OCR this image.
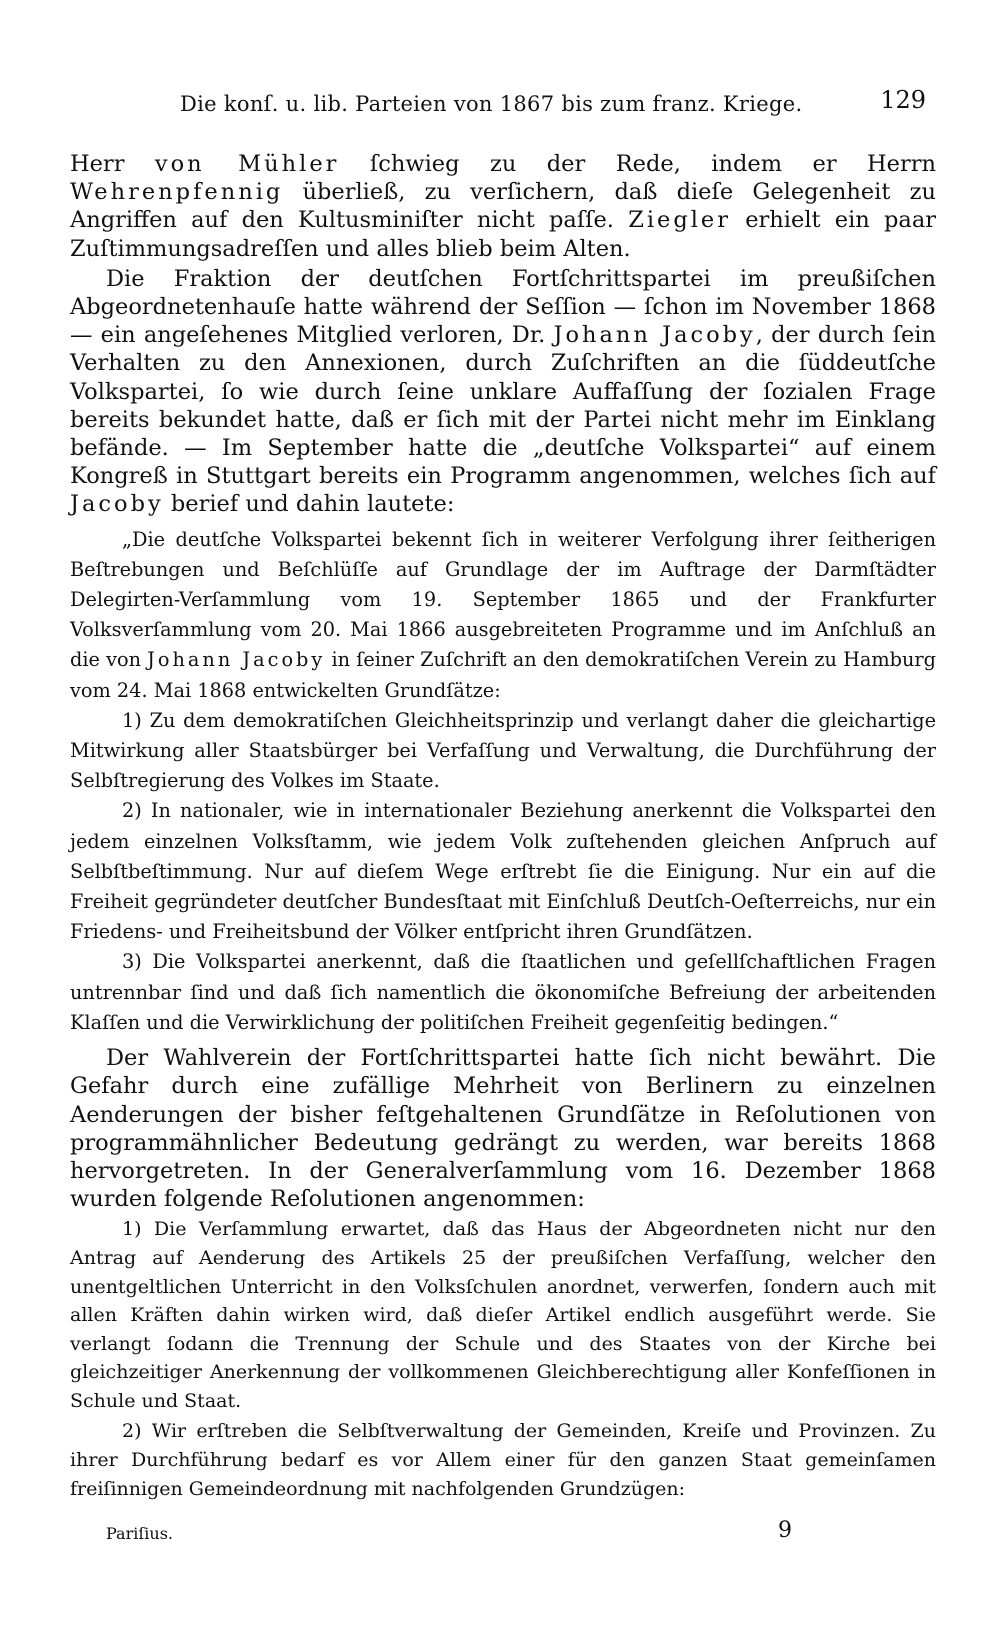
Die konſ. u. lib. Parteien von 1867 bis zum franz. Kriege.	129

Herr von Mühler ſchwieg zu der Rede, indem er Herrn Wehrenpfennig überließ, zu verſichern, daß dieſe Gelegenheit zu Angriffen auf den Kultusminiſter nicht paſſe. Ziegler erhielt ein paar Zuſtimmungsadreſſen und alles blieb beim Alten.

Die Fraktion der deutſchen Fortſchrittspartei im preußiſchen Abgeordnetenhauſe hatte während der Seſſion — ſchon im November 1868 — ein angeſehenes Mitglied verloren, Dr. Johann Jacoby, der durch ſein Verhalten zu den Annexionen, durch Zuſchriften an die ſüddeutſche Volkspartei, ſo wie durch ſeine unklare Auffaſſung der ſozialen Frage bereits bekundet hatte, daß er ſich mit der Partei nicht mehr im Einklang befände. — Im September hatte die „deutſche Volkspartei“ auf einem Kongreß in Stuttgart bereits ein Programm angenommen, welches ſich auf Jacoby berief und dahin lautete:

„Die deutſche Volkspartei bekennt ſich in weiterer Verfolgung ihrer ſeitherigen Beſtrebungen und Beſchlüſſe auf Grundlage der im Auftrage der Darmſtädter Delegirten-Verſammlung vom 19. September 1865 und der Frankfurter Volksverſammlung vom 20. Mai 1866 ausgebreiteten Programme und im Anſchluß an die von Johann Jacoby in ſeiner Zuſchrift an den demokratiſchen Verein zu Hamburg vom 24. Mai 1868 entwickelten Grundſätze:

1) Zu dem demokratiſchen Gleichheitsprinzip und verlangt daher die gleichartige Mitwirkung aller Staatsbürger bei Verfaſſung und Verwaltung, die Durchführung der Selbſtregierung des Volkes im Staate.

2) In nationaler, wie in internationaler Beziehung anerkennt die Volkspartei den jedem einzelnen Volksſtamm, wie jedem Volk zuſtehenden gleichen Anſpruch auf Selbſtbeſtimmung. Nur auf dieſem Wege erſtrebt ſie die Einigung. Nur ein auf die Freiheit gegründeter deutſcher Bundesſtaat mit Einſchluß Deutſch-Oeſterreichs, nur ein Friedens- und Freiheitsbund der Völker entſpricht ihren Grundſätzen.

3) Die Volkspartei anerkennt, daß die ſtaatlichen und geſellſchaftlichen Fragen untrennbar ſind und daß ſich namentlich die ökonomiſche Befreiung der arbeitenden Klaſſen und die Verwirklichung der politiſchen Freiheit gegenſeitig bedingen.“

Der Wahlverein der Fortſchrittspartei hatte ſich nicht bewährt. Die Gefahr durch eine zufällige Mehrheit von Berlinern zu einzelnen Aenderungen der bisher feſtgehaltenen Grundſätze in Reſolutionen von programmähnlicher Bedeutung gedrängt zu werden, war bereits 1868 hervorgetreten. In der Generalverſammlung vom 16. Dezember 1868 wurden folgende Reſolutionen angenommen:

1) Die Verſammlung erwartet, daß das Haus der Abgeordneten nicht nur den Antrag auf Aenderung des Artikels 25 der preußiſchen Verfaſſung, welcher den unentgeltlichen Unterricht in den Volksſchulen anordnet, verwerfen, ſondern auch mit allen Kräften dahin wirken wird, daß dieſer Artikel endlich ausgeführt werde. Sie verlangt ſodann die Trennung der Schule und des Staates von der Kirche bei gleichzeitiger Anerkennung der vollkommenen Gleichberechtigung aller Konfeſſionen in Schule und Staat.

2) Wir erſtreben die Selbſtverwaltung der Gemeinden, Kreiſe und Provinzen. Zu ihrer Durchführung bedarf es vor Allem einer für den ganzen Staat gemeinſamen freiſinnigen Gemeindeordnung mit nachfolgenden Grundzügen:

Pariſius.	9
